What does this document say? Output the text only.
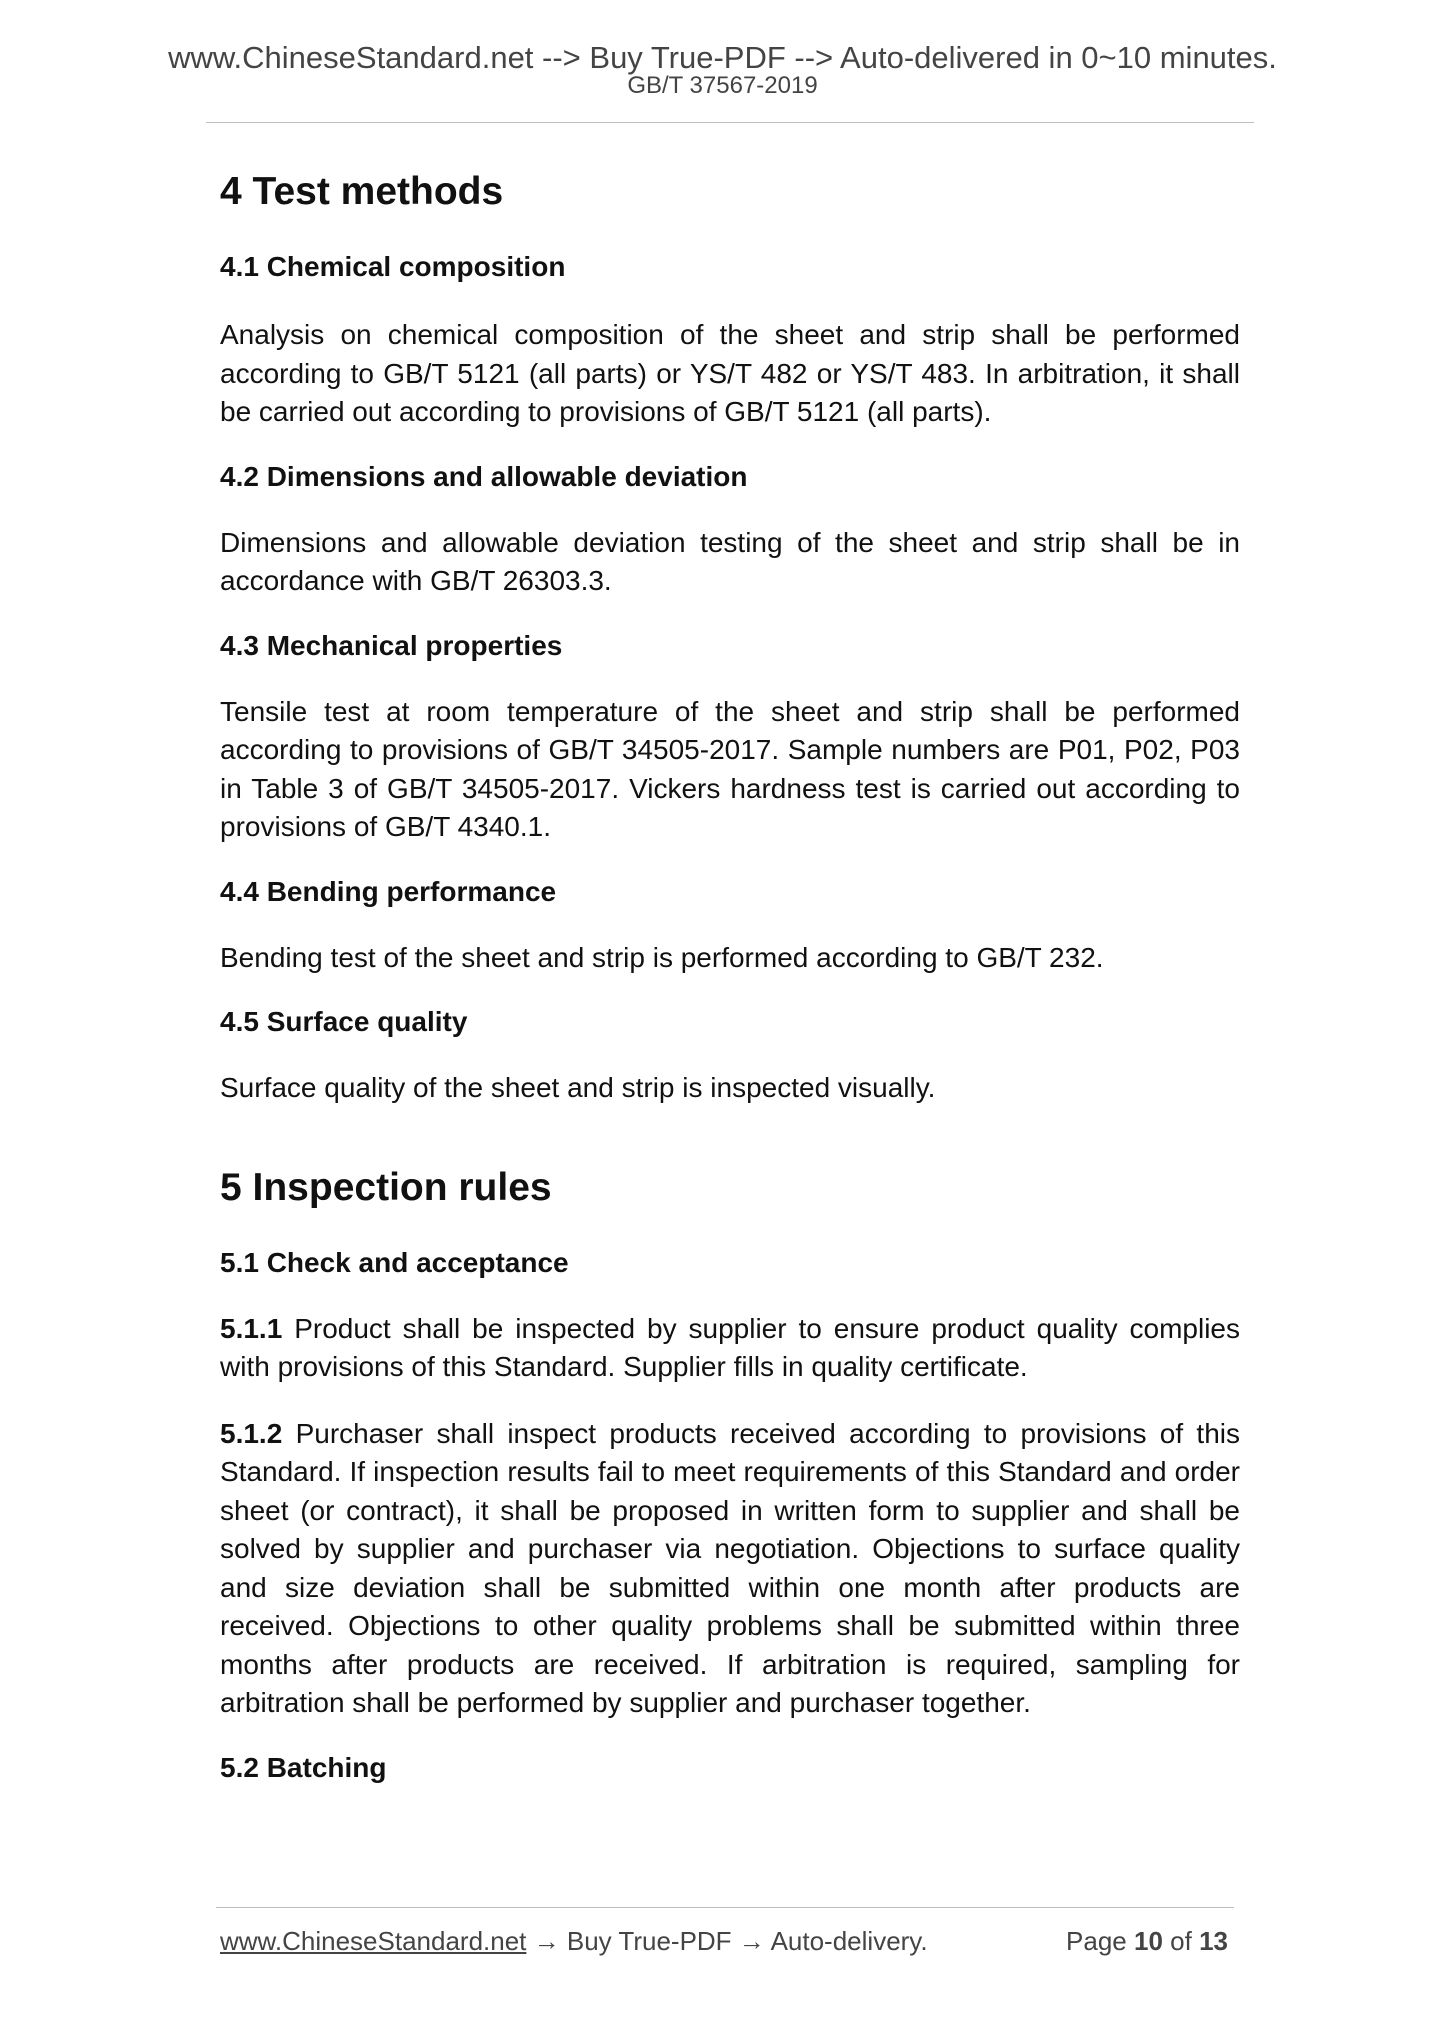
www.ChineseStandard.net --> Buy True-PDF --> Auto-delivered in 0~10 minutes.
GB/T 37567-2019
4 Test methods
4.1 Chemical composition

Analysis on chemical composition of the sheet and strip shall be performed according to GB/T 5121 (all parts) or YS/T 482 or YS/T 483. In arbitration, it shall be carried out according to provisions of GB/T 5121 (all parts).

4.2 Dimensions and allowable deviation

Dimensions and allowable deviation testing of the sheet and strip shall be in accordance with GB/T 26303.3.

4.3 Mechanical properties

Tensile test at room temperature of the sheet and strip shall be performed according to provisions of GB/T 34505-2017. Sample numbers are P01, P02, P03 in Table 3 of GB/T 34505-2017. Vickers hardness test is carried out according to provisions of GB/T 4340.1.

4.4 Bending performance

Bending test of the sheet and strip is performed according to GB/T 232.

4.5 Surface quality

Surface quality of the sheet and strip is inspected visually.

5 Inspection rules
5.1 Check and acceptance

5.1.1 Product shall be inspected by supplier to ensure product quality complies with provisions of this Standard. Supplier fills in quality certificate.

5.1.2 Purchaser shall inspect products received according to provisions of this Standard. If inspection results fail to meet requirements of this Standard and order sheet (or contract), it shall be proposed in written form to supplier and shall be solved by supplier and purchaser via negotiation. Objections to surface quality and size deviation shall be submitted within one month after products are received. Objections to other quality problems shall be submitted within three months after products are received. If arbitration is required, sampling for arbitration shall be performed by supplier and purchaser together.

5.2 Batching
www.ChineseStandard.net → Buy True-PDF → Auto-delivery.	Page 10 of 13
